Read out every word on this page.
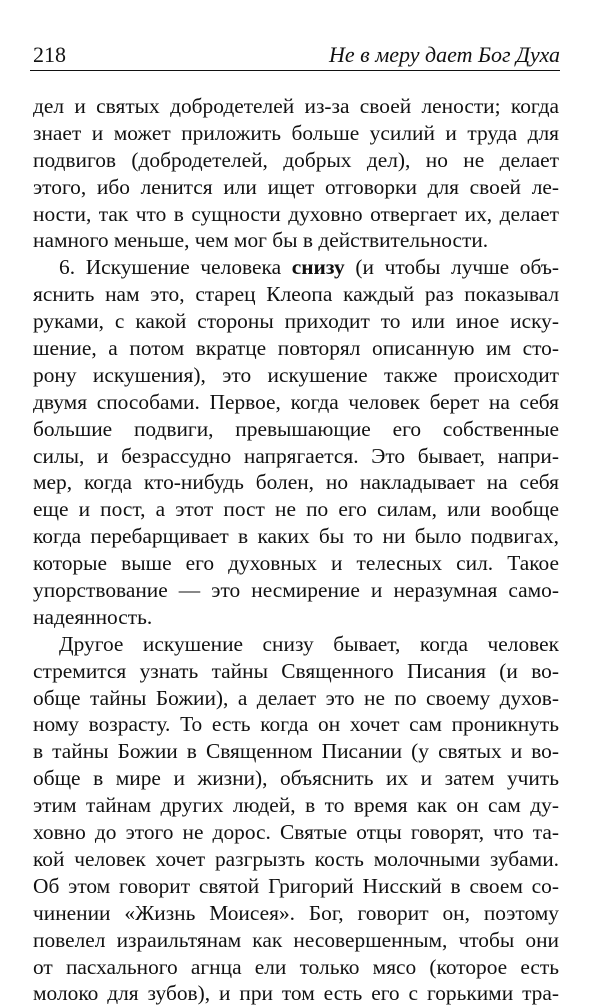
218	Не в меру дает Бог Духа
дел и святых добродетелей из-за своей лености; когда
знает и может приложить больше усилий и труда для
подвигов (добродетелей, добрых дел), но не делает
этого, ибо ленится или ищет отговорки для своей ле-
ности, так что в сущности духовно отвергает их, делает
намного меньше, чем мог бы в действительности.
6. Искушение человека снизу (и чтобы лучше объ-
яснить нам это, старец Клеопа каждый раз показывал
руками, с какой стороны приходит то или иное иску-
шение, а потом вкратце повторял описанную им сто-
рону искушения), это искушение также происходит
двумя способами. Первое, когда человек берет на себя
большие подвиги, превышающие его собственные
силы, и безрассудно напрягается. Это бывает, напри-
мер, когда кто-нибудь болен, но накладывает на себя
еще и пост, а этот пост не по его силам, или вообще
когда перебарщивает в каких бы то ни было подвигах,
которые выше его духовных и телесных сил. Такое
упорствование — это несмирение и неразумная само-
надеянность.
Другое искушение снизу бывает, когда человек
стремится узнать тайны Священного Писания (и во-
обще тайны Божии), а делает это не по своему духов-
ному возрасту. То есть когда он хочет сам проникнуть
в тайны Божии в Священном Писании (у святых и во-
обще в мире и жизни), объяснить их и затем учить
этим тайнам других людей, в то время как он сам ду-
ховно до этого не дорос. Святые отцы говорят, что та-
кой человек хочет разгрызть кость молочными зубами.
Об этом говорит святой Григорий Нисский в своем со-
чинении «Жизнь Моисея». Бог, говорит он, поэтому
повелел израильтянам как несовершенным, чтобы они
от пасхального агнца ели только мясо (которое есть
молоко для зубов), и при том есть его с горькими тра-
